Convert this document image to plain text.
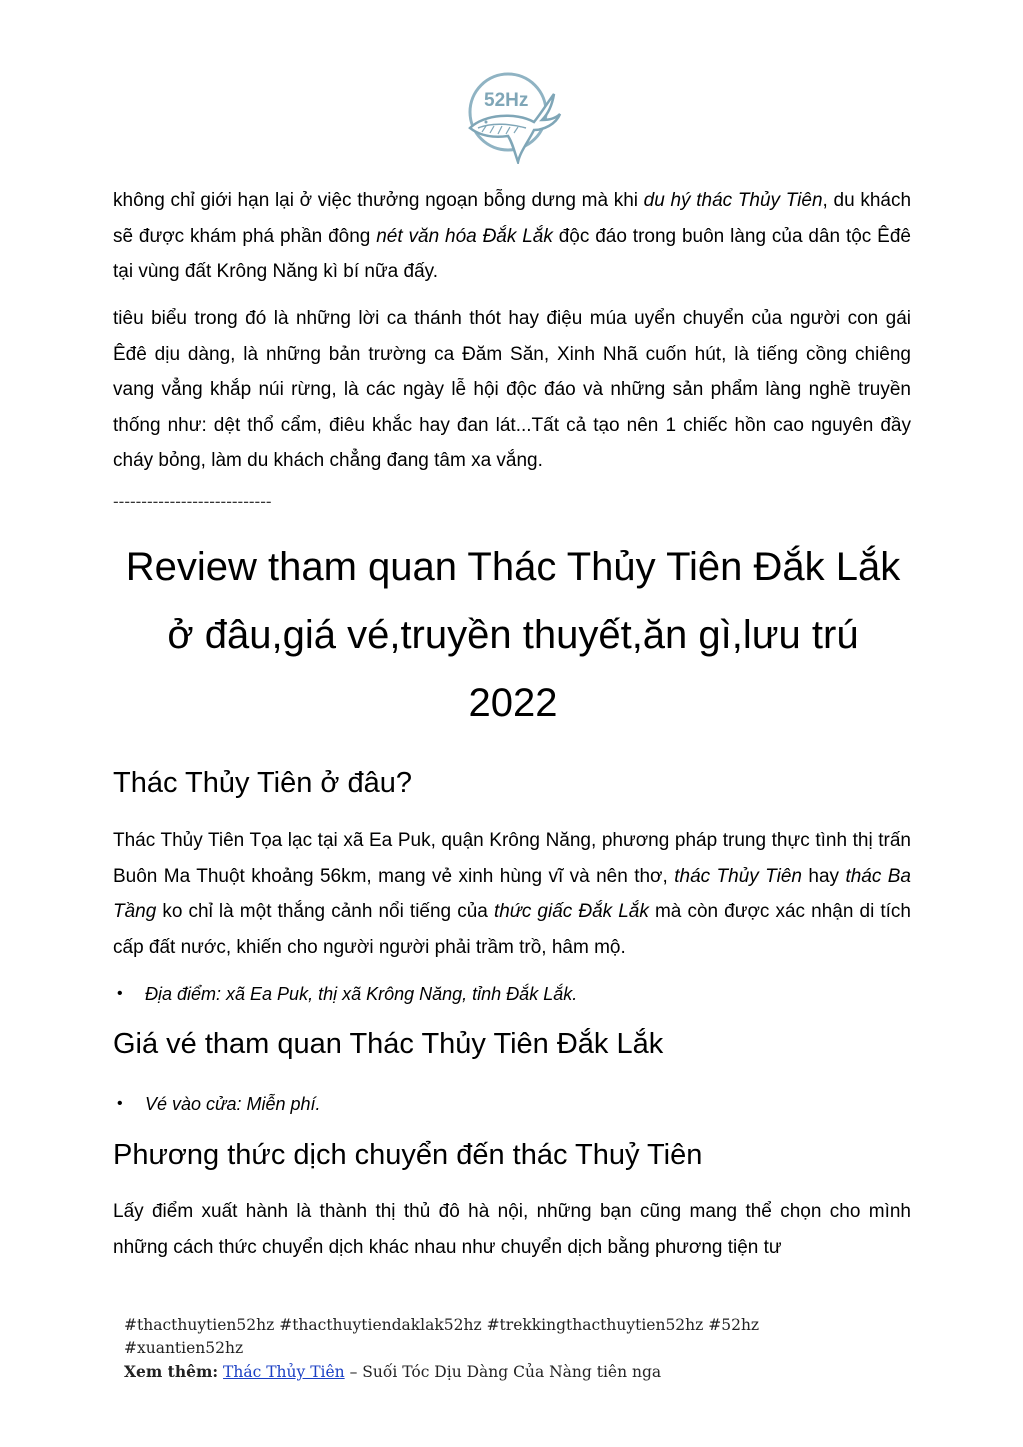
52Hz

không chỉ giới hạn lại ở việc thưởng ngoạn bỗng dưng mà khi du hý thác Thủy Tiên, du khách sẽ được khám phá phần đông nét văn hóa Đắk Lắk độc đáo trong buôn làng của dân tộc Êđê tại vùng đất Krông Năng kì bí nữa đấy.

tiêu biểu trong đó là những lời ca thánh thót hay điệu múa uyển chuyển của người con gái Êđê dịu dàng, là những bản trường ca Đăm Săn, Xinh Nhã cuốn hút, là tiếng cồng chiêng vang vẳng khắp núi rừng, là các ngày lễ hội độc đáo và những sản phẩm làng nghề truyền thống như: dệt thổ cẩm, điêu khắc hay đan lát...Tất cả tạo nên 1 chiếc hồn cao nguyên đầy cháy bỏng, làm du khách chẳng đang tâm xa vắng.

----------------------------
Review tham quan Thác Thủy Tiên Đắk Lắk
ở đâu,giá vé,truyền thuyết,ăn gì,lưu trú
2022
Thác Thủy Tiên ở đâu?

Thác Thủy Tiên Tọa lạc tại xã Ea Puk, quận Krông Năng, phương pháp trung thực tình thị trấn Buôn Ma Thuột khoảng 56km, mang vẻ xinh hùng vĩ và nên thơ, thác Thủy Tiên hay thác Ba Tầng ko chỉ là một thắng cảnh nổi tiếng của thức giấc Đắk Lắk mà còn được xác nhận di tích cấp đất nước, khiến cho người người phải trầm trồ, hâm mộ.

• Địa điểm: xã Ea Puk, thị xã Krông Năng, tỉnh Đắk Lắk.
Giá vé tham quan Thác Thủy Tiên Đắk Lắk
• Vé vào cửa: Miễn phí.
Phương thức dịch chuyển đến thác Thuỷ Tiên

Lấy điểm xuất hành là thành thị thủ đô hà nội, những bạn cũng mang thể chọn cho mình những cách thức chuyển dịch khác nhau như chuyển dịch bằng phương tiện tư

#thacthuytien52hz #thacthuytiendaklak52hz #trekkingthacthuytien52hz #52hz #xuantien52hz
Xem thêm: Thác Thủy Tiên – Suối Tóc Dịu Dàng Của Nàng tiên nga
